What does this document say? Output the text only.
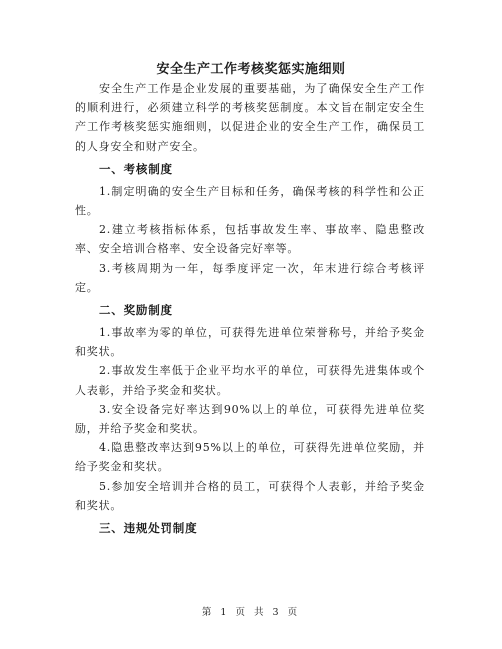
安全生产工作考核奖惩实施细则

安全生产工作是企业发展的重要基础，为了确保安全生产工作的顺利进行，必须建立科学的考核奖惩制度。本文旨在制定安全生产工作考核奖惩实施细则，以促进企业的安全生产工作，确保员工的人身安全和财产安全。

一、考核制度

1.制定明确的安全生产目标和任务，确保考核的科学性和公正性。

2.建立考核指标体系，包括事故发生率、事故率、隐患整改率、安全培训合格率、安全设备完好率等。

3.考核周期为一年，每季度评定一次，年末进行综合考核评定。

二、奖励制度

1.事故率为零的单位，可获得先进单位荣誉称号，并给予奖金和奖状。

2.事故发生率低于企业平均水平的单位，可获得先进集体或个人表彰，并给予奖金和奖状。

3.安全设备完好率达到90%以上的单位，可获得先进单位奖励，并给予奖金和奖状。

4.隐患整改率达到95%以上的单位，可获得先进单位奖励，并给予奖金和奖状。

5.参加安全培训并合格的员工，可获得个人表彰，并给予奖金和奖状。

三、违规处罚制度

第 1 页 共 3 页
